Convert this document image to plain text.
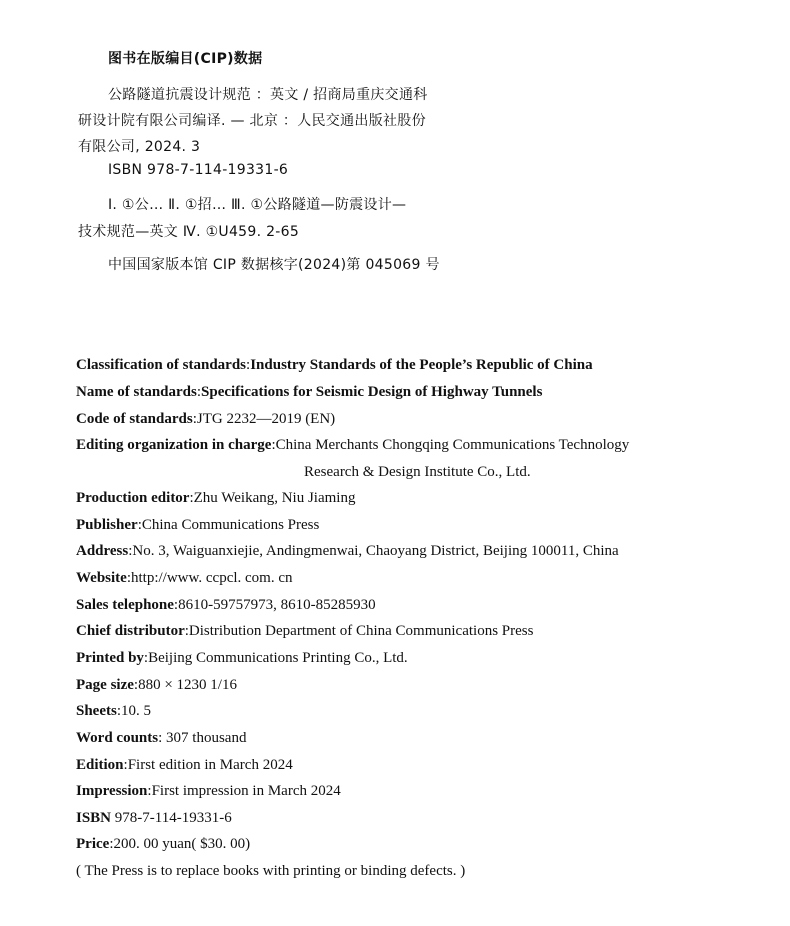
图书在版编目(CIP)数据
公路隧道抗震设计规范 ：英文 / 招商局重庆交通科
研设计院有限公司编译. — 北京 ：人民交通出版社股份
有限公司, 2024. 3
ISBN 978-7-114-19331-6
Ⅰ. ①公… Ⅱ. ①招… Ⅲ. ①公路隧道—防震设计—
技术规范—英文 Ⅳ. ①U459. 2-65
中国国家版本馆 CIP 数据核字(2024)第 045069 号
Classification of standards:Industry Standards of the People’s Republic of China
Name of standards:Specifications for Seismic Design of Highway Tunnels
Code of standards:JTG 2232—2019 (EN)
Editing organization in charge:China Merchants Chongqing Communications Technology
Research & Design Institute Co., Ltd.
Production editor:Zhu Weikang, Niu Jiaming
Publisher:China Communications Press
Address:No. 3, Waiguanxiejie, Andingmenwai, Chaoyang District, Beijing 100011, China
Website:http://www. ccpcl. com. cn
Sales telephone:8610-59757973, 8610-85285930
Chief distributor:Distribution Department of China Communications Press
Printed by:Beijing Communications Printing Co., Ltd.
Page size:880 × 1230 1/16
Sheets:10. 5
Word counts: 307 thousand
Edition:First edition in March 2024
Impression:First impression in March 2024
ISBN 978-7-114-19331-6
Price:200. 00 yuan( $30. 00)
( The Press is to replace books with printing or binding defects. )
